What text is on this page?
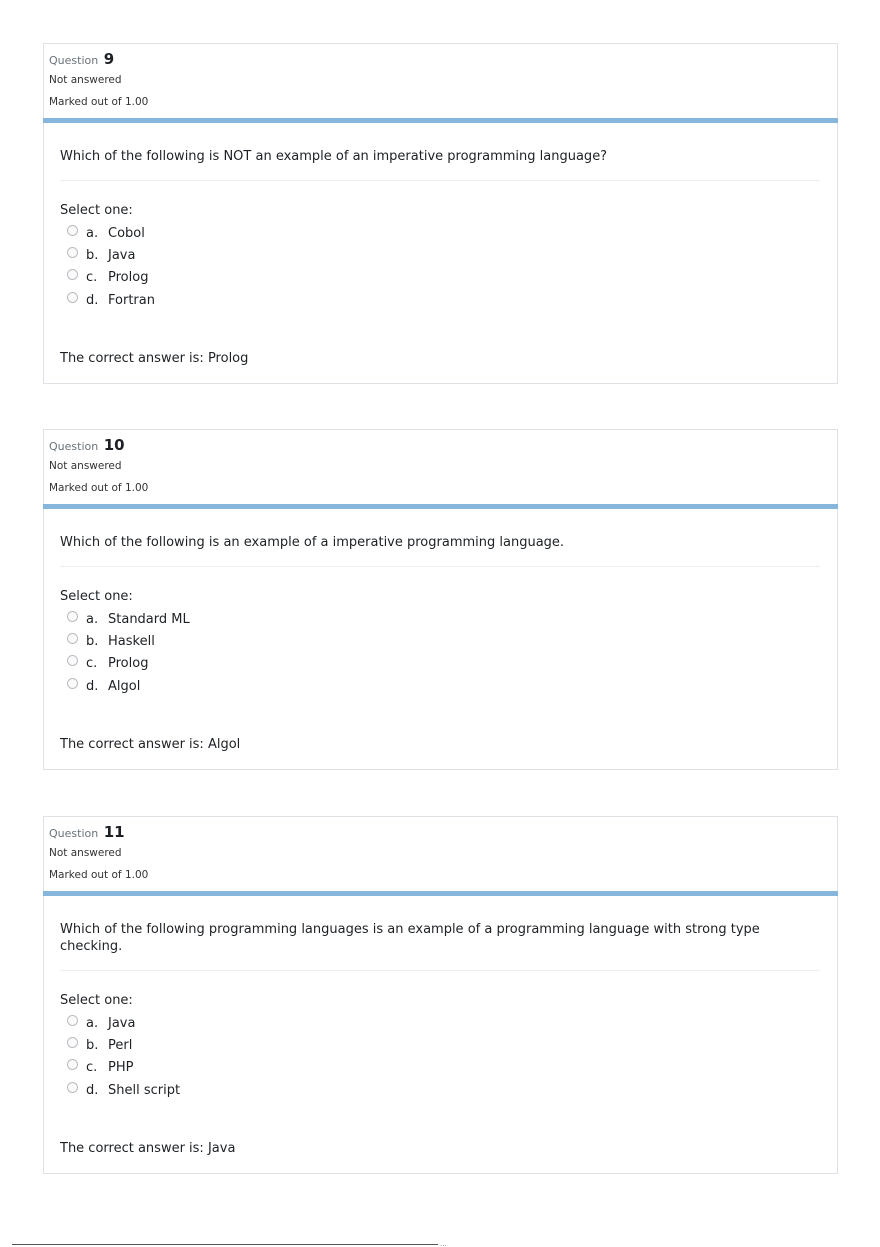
Question 9
Not answered
Marked out of 1.00
Which of the following is NOT an example of an imperative programming language?
Select one:
a. Cobol
b. Java
c. Prolog
d. Fortran
The correct answer is: Prolog
Question 10
Not answered
Marked out of 1.00
Which of the following is an example of a imperative programming language.
Select one:
a. Standard ML
b. Haskell
c. Prolog
d. Algol
The correct answer is: Algol
Question 11
Not answered
Marked out of 1.00
Which of the following programming languages is an example of a programming language with strong type checking.
Select one:
a. Java
b. Perl
c. PHP
d. Shell script
The correct answer is: Java
...
